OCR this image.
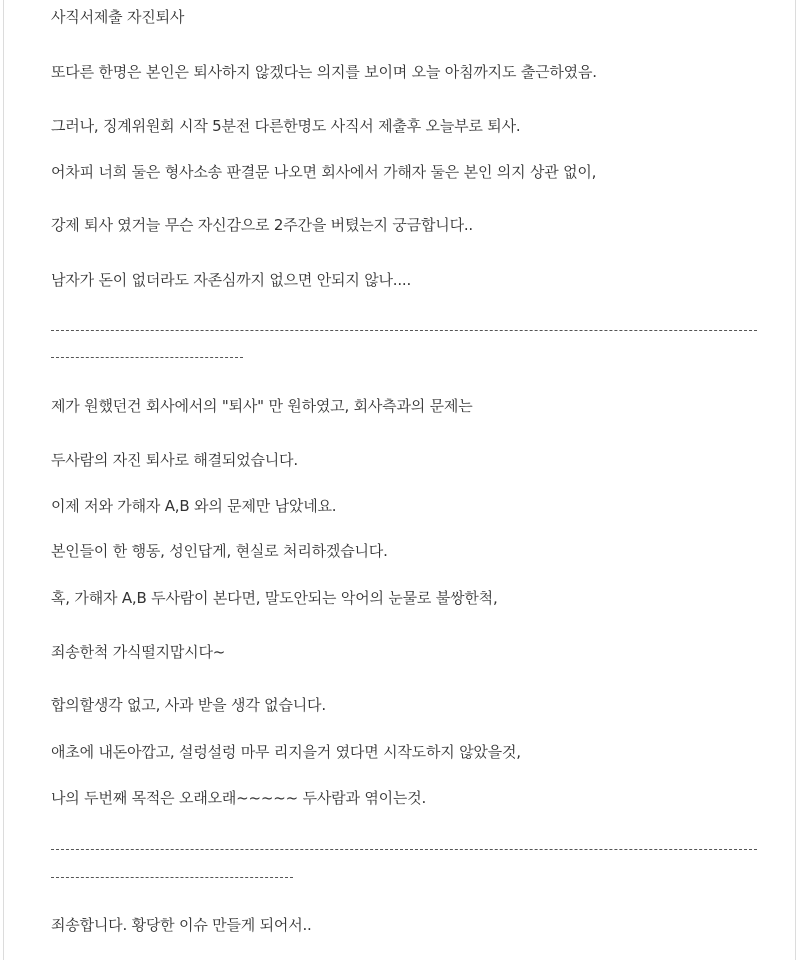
사직서제출 자진퇴사
또다른 한명은 본인은 퇴사하지 않겠다는 의지를 보이며 오늘 아침까지도 출근하였음.
그러나, 징계위원회 시작 5분전 다른한명도 사직서 제출후 오늘부로 퇴사.
어차피 너희 둘은 형사소송 판결문 나오면 회사에서 가해자 둘은 본인 의지 상관 없이,
강제 퇴사 였거늘 무슨 자신감으로 2주간을 버텼는지 궁금합니다..
남자가 돈이 없더라도 자존심까지 없으면 안되지 않나....
제가 원했던건 회사에서의 "퇴사" 만 원하였고, 회사측과의 문제는
두사람의 자진 퇴사로 해결되었습니다.
이제 저와 가해자 A,B 와의 문제만 남았네요.
본인들이 한 행동, 성인답게, 현실로 처리하겠습니다.
혹, 가해자 A,B 두사람이 본다면, 말도안되는 악어의 눈물로 불쌍한척,
죄송한척 가식떨지맙시다~
합의할생각 없고, 사과 받을 생각 없습니다.
애초에 내돈아깝고, 설렁설렁 마무 리지을거 였다면 시작도하지 않았을것,
나의 두번째 목적은 오래오래~~~~~ 두사람과 엮이는것.
죄송합니다. 황당한 이슈 만들게 되어서..
